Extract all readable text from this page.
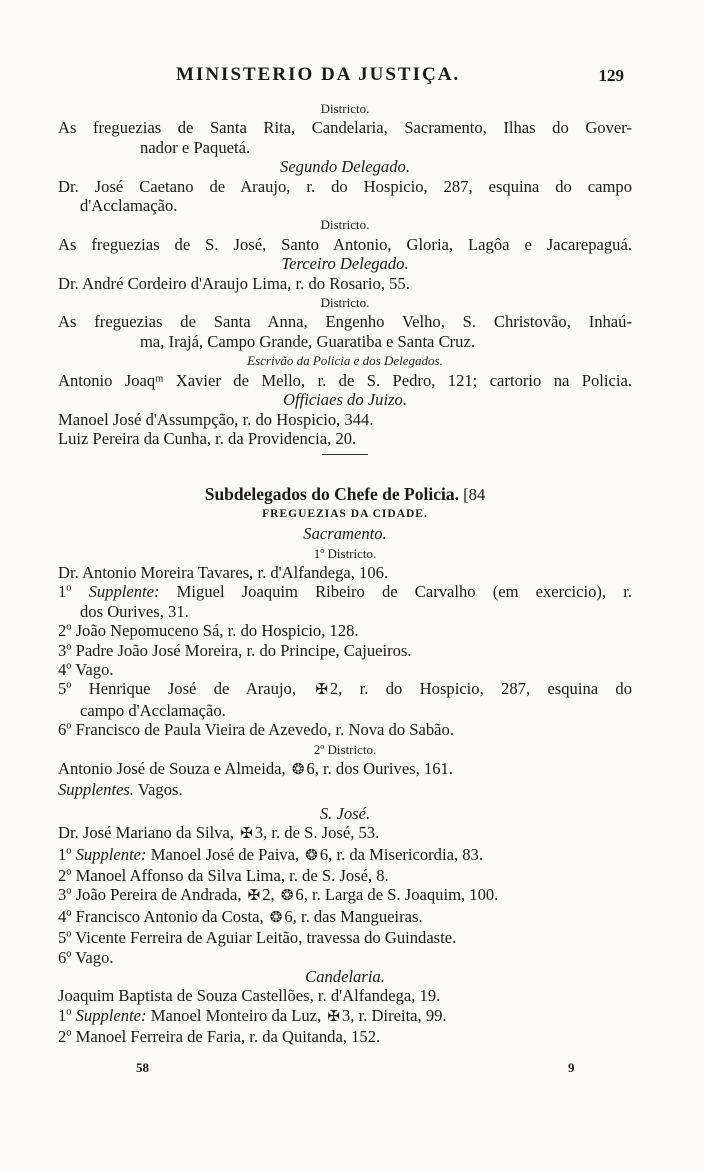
MINISTERIO DA JUSTIÇA.	129
Districto.
As freguezias de Santa Rita, Candelaria, Sacramento, Ilhas do Gover-
nador e Paquetá.
Segundo Delegado.
Dr. José Caetano de Araujo, r. do Hospicio, 287, esquina do campo
d'Acclamação.
Districto.
As freguezias de S. José, Santo Antonio, Gloria, Lagôa e Jacarepaguá.
Terceiro Delegado.
Dr. André Cordeiro d'Araujo Lima, r. do Rosario, 55.
Districto.
As freguezias de Santa Anna, Engenho Velho, S. Christovão, Inhaú-
ma, Irajá, Campo Grande, Guaratiba e Santa Cruz.
Escrivão da Policia e dos Delegados.
Antonio Joaqᵐ Xavier de Mello, r. de S. Pedro, 121; cartorio na Policia.
Officiaes do Juizo.
Manoel José d'Assumpção, r. do Hospicio, 344.
Luiz Pereira da Cunha, r. da Providencia, 20.
Subdelegados do Chefe de Policia. [84
FREGUEZIAS DA CIDADE.
Sacramento.
1º Districto.
Dr. Antonio Moreira Tavares, r. d'Alfandega, 106.
1º Supplente: Miguel Joaquim Ribeiro de Carvalho (em exercicio), r.
dos Ourives, 31.
2º João Nepomuceno Sá, r. do Hospicio, 128.
3º Padre João José Moreira, r. do Principe, Cajueiros.
4º Vago.
5º Henrique José de Araujo, ✠ 2, r. do Hospicio, 287, esquina do
campo d'Acclamação.
6º Francisco de Paula Vieira de Azevedo, r. Nova do Sabão.
2º Districto.
Antonio José de Souza e Almeida, ❂ 6, r. dos Ourives, 161.
Supplentes. Vagos.
S. José.
Dr. José Mariano da Silva, ✠ 3, r. de S. José, 53.
1º Supplente: Manoel José de Paiva, ❂ 6, r. da Misericordia, 83.
2º Manoel Affonso da Silva Lima, r. de S. José, 8.
3º João Pereira de Andrada, ✠ 2, ❂ 6, r. Larga de S. Joaquim, 100.
4º Francisco Antonio da Costa, ❂ 6, r. das Mangueiras.
5º Vicente Ferreira de Aguiar Leitão, travessa do Guindaste.
6º Vago.
Candelaria.
Joaquim Baptista de Souza Castellões, r. d'Alfandega, 19.
1º Supplente: Manoel Monteiro da Luz, ✠ 3, r. Direita, 99.
2º Manoel Ferreira de Faria, r. da Quitanda, 152.
58	9
